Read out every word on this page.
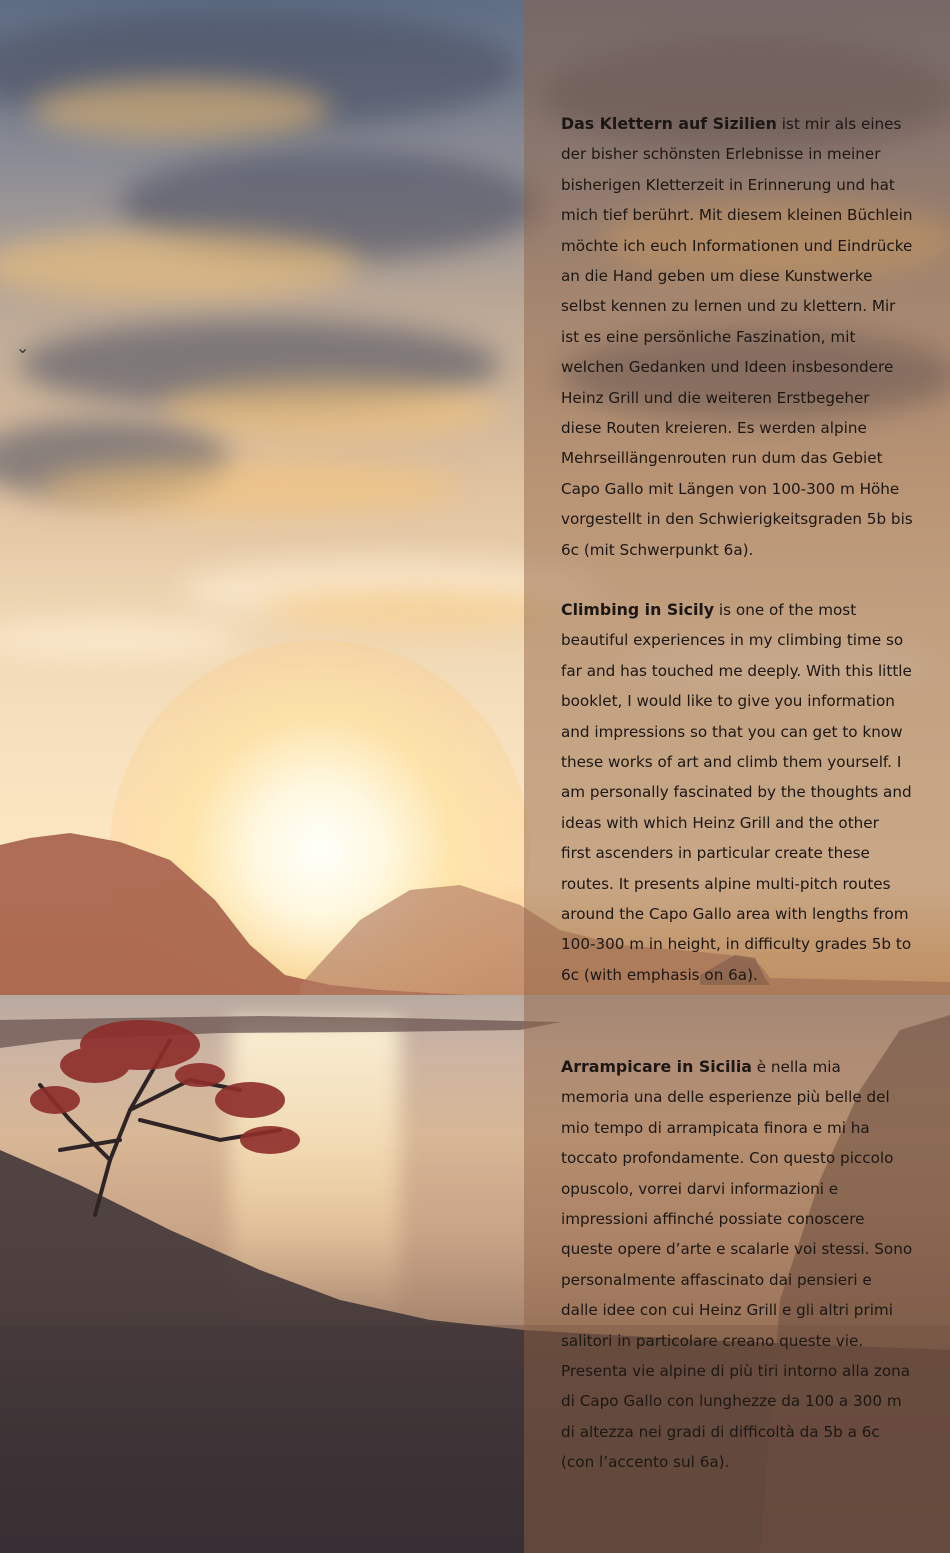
⌄

Das Klettern auf Sizilien ist mir als eines der bisher schönsten Erlebnisse in meiner bisherigen Kletterzeit in Erinnerung und hat mich tief berührt. Mit diesem kleinen Büchlein möchte ich euch Informationen und Eindrücke an die Hand geben um diese Kunstwerke selbst kennen zu lernen und zu klettern. Mir ist es eine persönliche Faszination, mit welchen Gedanken und Ideen insbesondere Heinz Grill und die weiteren Erstbegeher diese Routen kreieren. Es werden alpine Mehrseillängenrouten run dum das Gebiet Capo Gallo mit Längen von 100-300 m Höhe vorgestellt in den Schwierigkeitsgraden 5b bis 6c (mit Schwerpunkt 6a).

Climbing in Sicily is one of the most beautiful experiences in my climbing time so far and has touched me deeply. With this little booklet, I would like to give you information and impressions so that you can get to know these works of art and climb them yourself. I am personally fascinated by the thoughts and ideas with which Heinz Grill and the other first ascenders in particular create these routes. It presents alpine multi-pitch routes around the Capo Gallo area with lengths from 100-300 m in height, in difficulty grades 5b to 6c (with emphasis on 6a).

Arrampicare in Sicilia è nella mia memoria una delle esperienze più belle del mio tempo di arrampicata finora e mi ha toccato profondamente. Con questo piccolo opuscolo, vorrei darvi informazioni e impressioni affinché possiate conoscere queste opere d’arte e scalarle voi stessi. Sono personalmente affascinato dai pensieri e dalle idee con cui Heinz Grill e gli altri primi salitori in particolare creano queste vie. Presenta vie alpine di più tiri intorno alla zona di Capo Gallo con lunghezze da 100 a 300 m di altezza nei gradi di difficoltà da 5b a 6c (con l’accento sul 6a).
